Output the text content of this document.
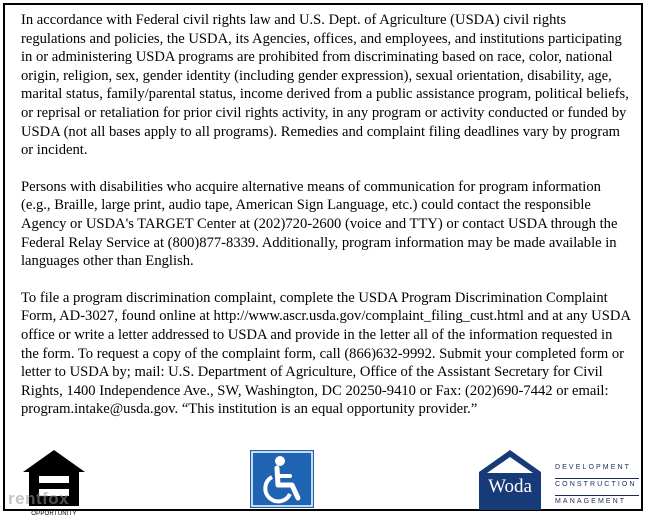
In accordance with Federal civil rights law and U.S. Dept. of Agriculture (USDA) civil rights regulations and policies, the USDA, its Agencies, offices, and employees, and institutions participating in or administering USDA programs are prohibited from discriminating based on race, color, national origin, religion, sex, gender identity (including gender expression), sexual orientation, disability, age, marital status, family/parental status, income derived from a public assistance program, political beliefs, or reprisal or retaliation for prior civil rights activity, in any program or activity conducted or funded by USDA (not all bases apply to all programs). Remedies and complaint filing deadlines vary by program or incident.

Persons with disabilities who acquire alternative means of communication for program information (e.g., Braille, large print, audio tape, American Sign Language, etc.) could contact the responsible Agency or USDA's TARGET Center at (202)720-2600 (voice and TTY) or contact USDA through the Federal Relay Service at (800)877-8339. Additionally, program information may be made available in languages other than English.

To file a program discrimination complaint, complete the USDA Program Discrimination Complaint Form, AD-3027, found online at http://www.ascr.usda.gov/complaint_filing_cust.html and at any USDA office or write a letter addressed to USDA and provide in the letter all of the information requested in the form. To request a copy of the complaint form, call (866)632-9992. Submit your completed form or letter to USDA by; mail: U.S. Department of Agriculture, Office of the Assistant Secretary for Civil Rights, 1400 Independence Ave., SW, Washington, DC 20250-9410 or Fax: (202)690-7442 or email: program.intake@usda.gov. “This institution is an equal opportunity provider.”

OPPORTUNITY
rentfox
Woda
DEVELOPMENT
CONSTRUCTION
MANAGEMENT
